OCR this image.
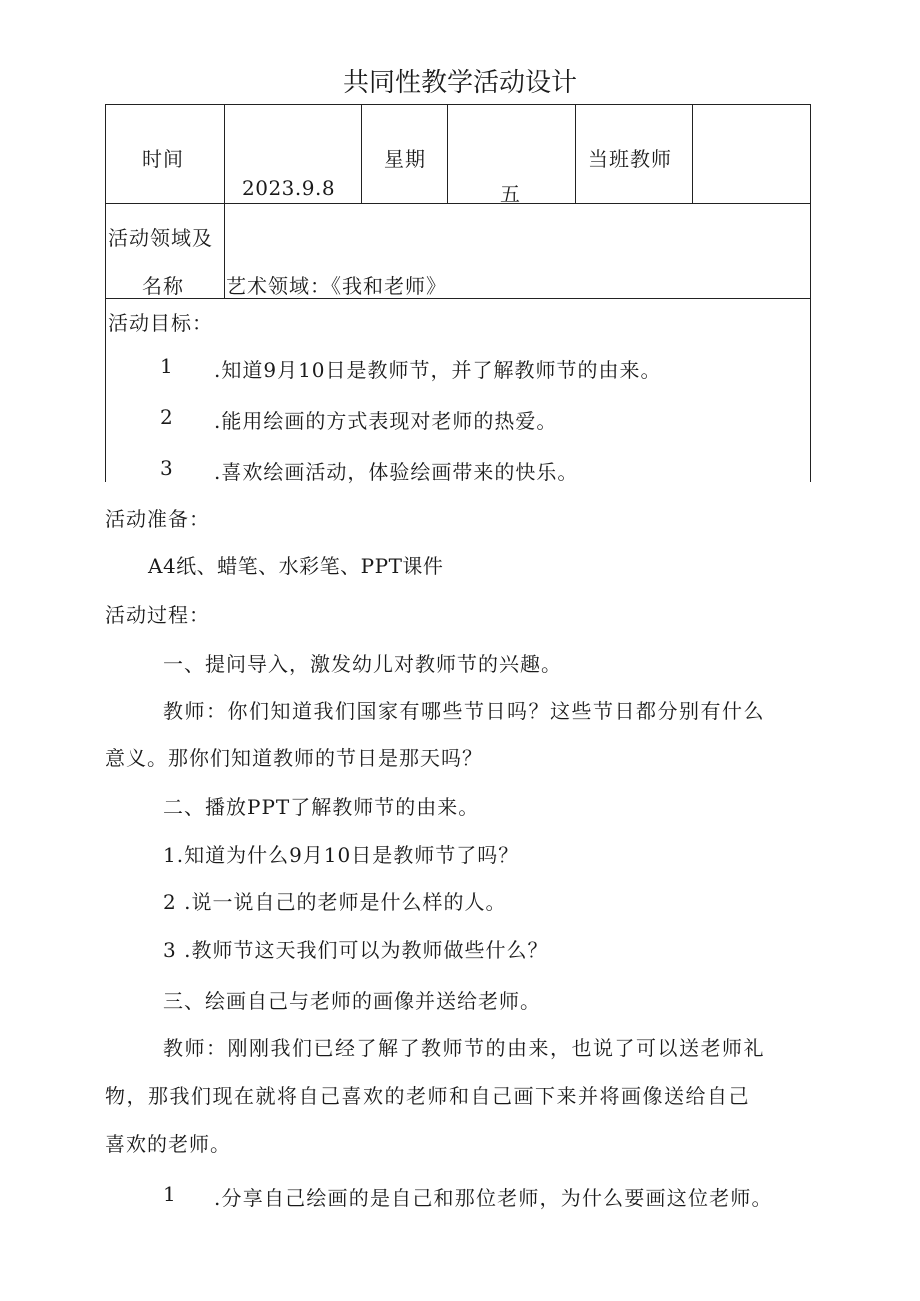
共同性教学活动设计
时间
2023.9.8
星期
五
当班教师
活动领域及
名称 艺术领域：《我和老师》
活动目标：
1 .知道9月10日是教师节，并了解教师节的由来。
2 .能用绘画的方式表现对老师的热爱。
3 .喜欢绘画活动，体验绘画带来的快乐。
活动准备：
A4纸、蜡笔、水彩笔、PPT课件
活动过程：
一、提问导入，激发幼儿对教师节的兴趣。
教师：你们知道我们国家有哪些节日吗？这些节日都分别有什么
意义。那你们知道教师的节日是那天吗？
二、播放PPT了解教师节的由来。
1.知道为什么9月10日是教师节了吗？
2 .说一说自己的老师是什么样的人。
3 .教师节这天我们可以为教师做些什么？
三、绘画自己与老师的画像并送给老师。
教师：刚刚我们已经了解了教师节的由来，也说了可以送老师礼
物，那我们现在就将自己喜欢的老师和自己画下来并将画像送给自己
喜欢的老师。
1 .分享自己绘画的是自己和那位老师，为什么要画这位老师。
